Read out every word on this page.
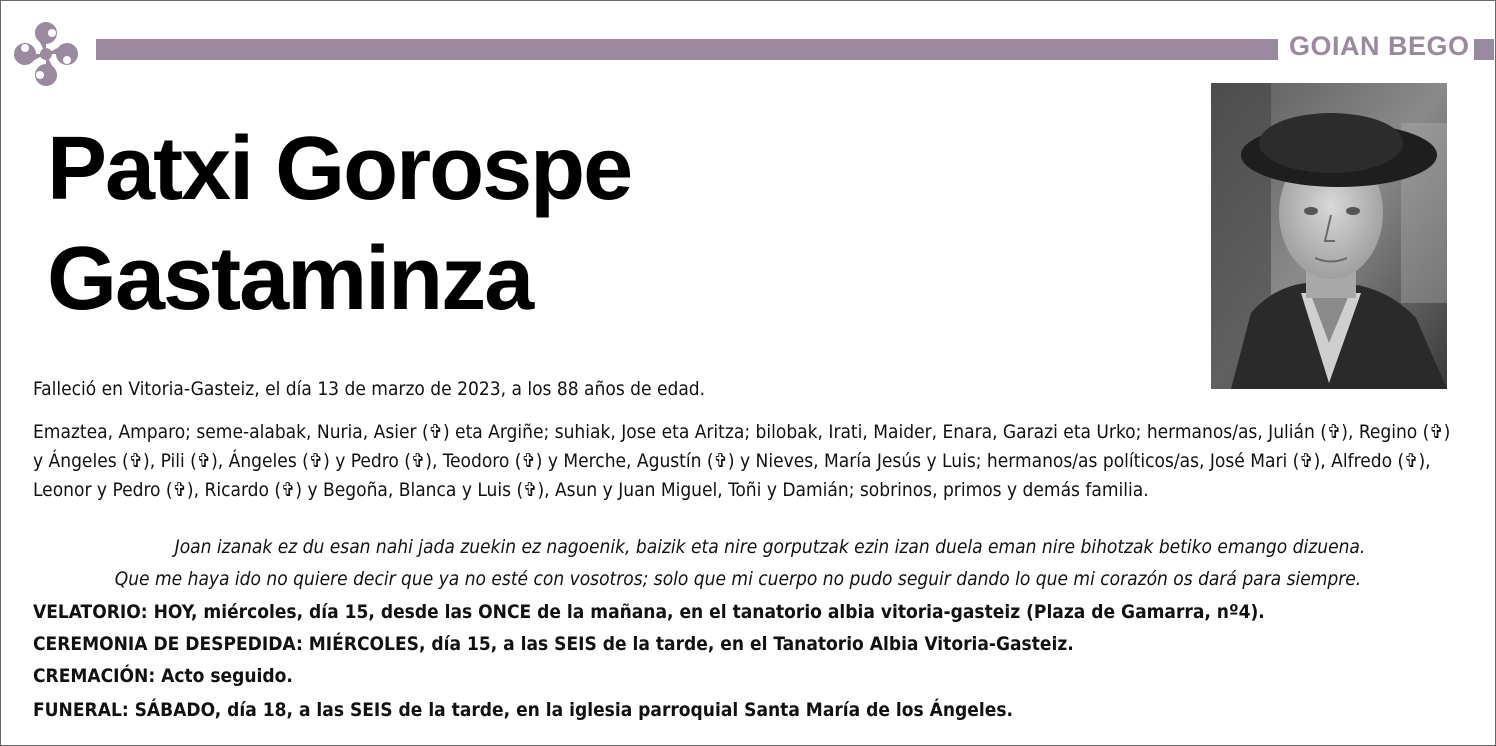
GOIAN BEGO
Patxi Gorospe
Gastaminza

Falleció en Vitoria-Gasteiz, el día 13 de marzo de 2023, a los 88 años de edad.

Emaztea, Amparo; seme-alabak, Nuria, Asier (✞) eta Argiñe; suhiak, Jose eta Aritza; bilobak, Irati, Maider, Enara, Garazi eta Urko; hermanos/as, Julián (✞), Regino (✞) y Ángeles (✞), Pili (✞), Ángeles (✞) y Pedro (✞), Teodoro (✞) y Merche, Agustín (✞) y Nieves, María Jesús y Luis; hermanos/as políticos/as, José Mari (✞), Alfredo (✞), Leonor y Pedro (✞), Ricardo (✞) y Begoña, Blanca y Luis (✞), Asun y Juan Miguel, Toñi y Damián; sobrinos, primos y demás familia.

Joan izanak ez du esan nahi jada zuekin ez nagoenik, baizik eta nire gorputzak ezin izan duela eman nire bihotzak betiko emango dizuena.

Que me haya ido no quiere decir que ya no esté con vosotros; solo que mi cuerpo no pudo seguir dando lo que mi corazón os dará para siempre.

VELATORIO: HOY, miércoles, día 15, desde las ONCE de la mañana, en el tanatorio albia vitoria-gasteiz (Plaza de Gamarra, nº4).

CEREMONIA DE DESPEDIDA: MIÉRCOLES, día 15, a las SEIS de la tarde, en el Tanatorio Albia Vitoria-Gasteiz.

CREMACIÓN: Acto seguido.

FUNERAL: SÁBADO, día 18, a las SEIS de la tarde, en la iglesia parroquial Santa María de los Ángeles.
